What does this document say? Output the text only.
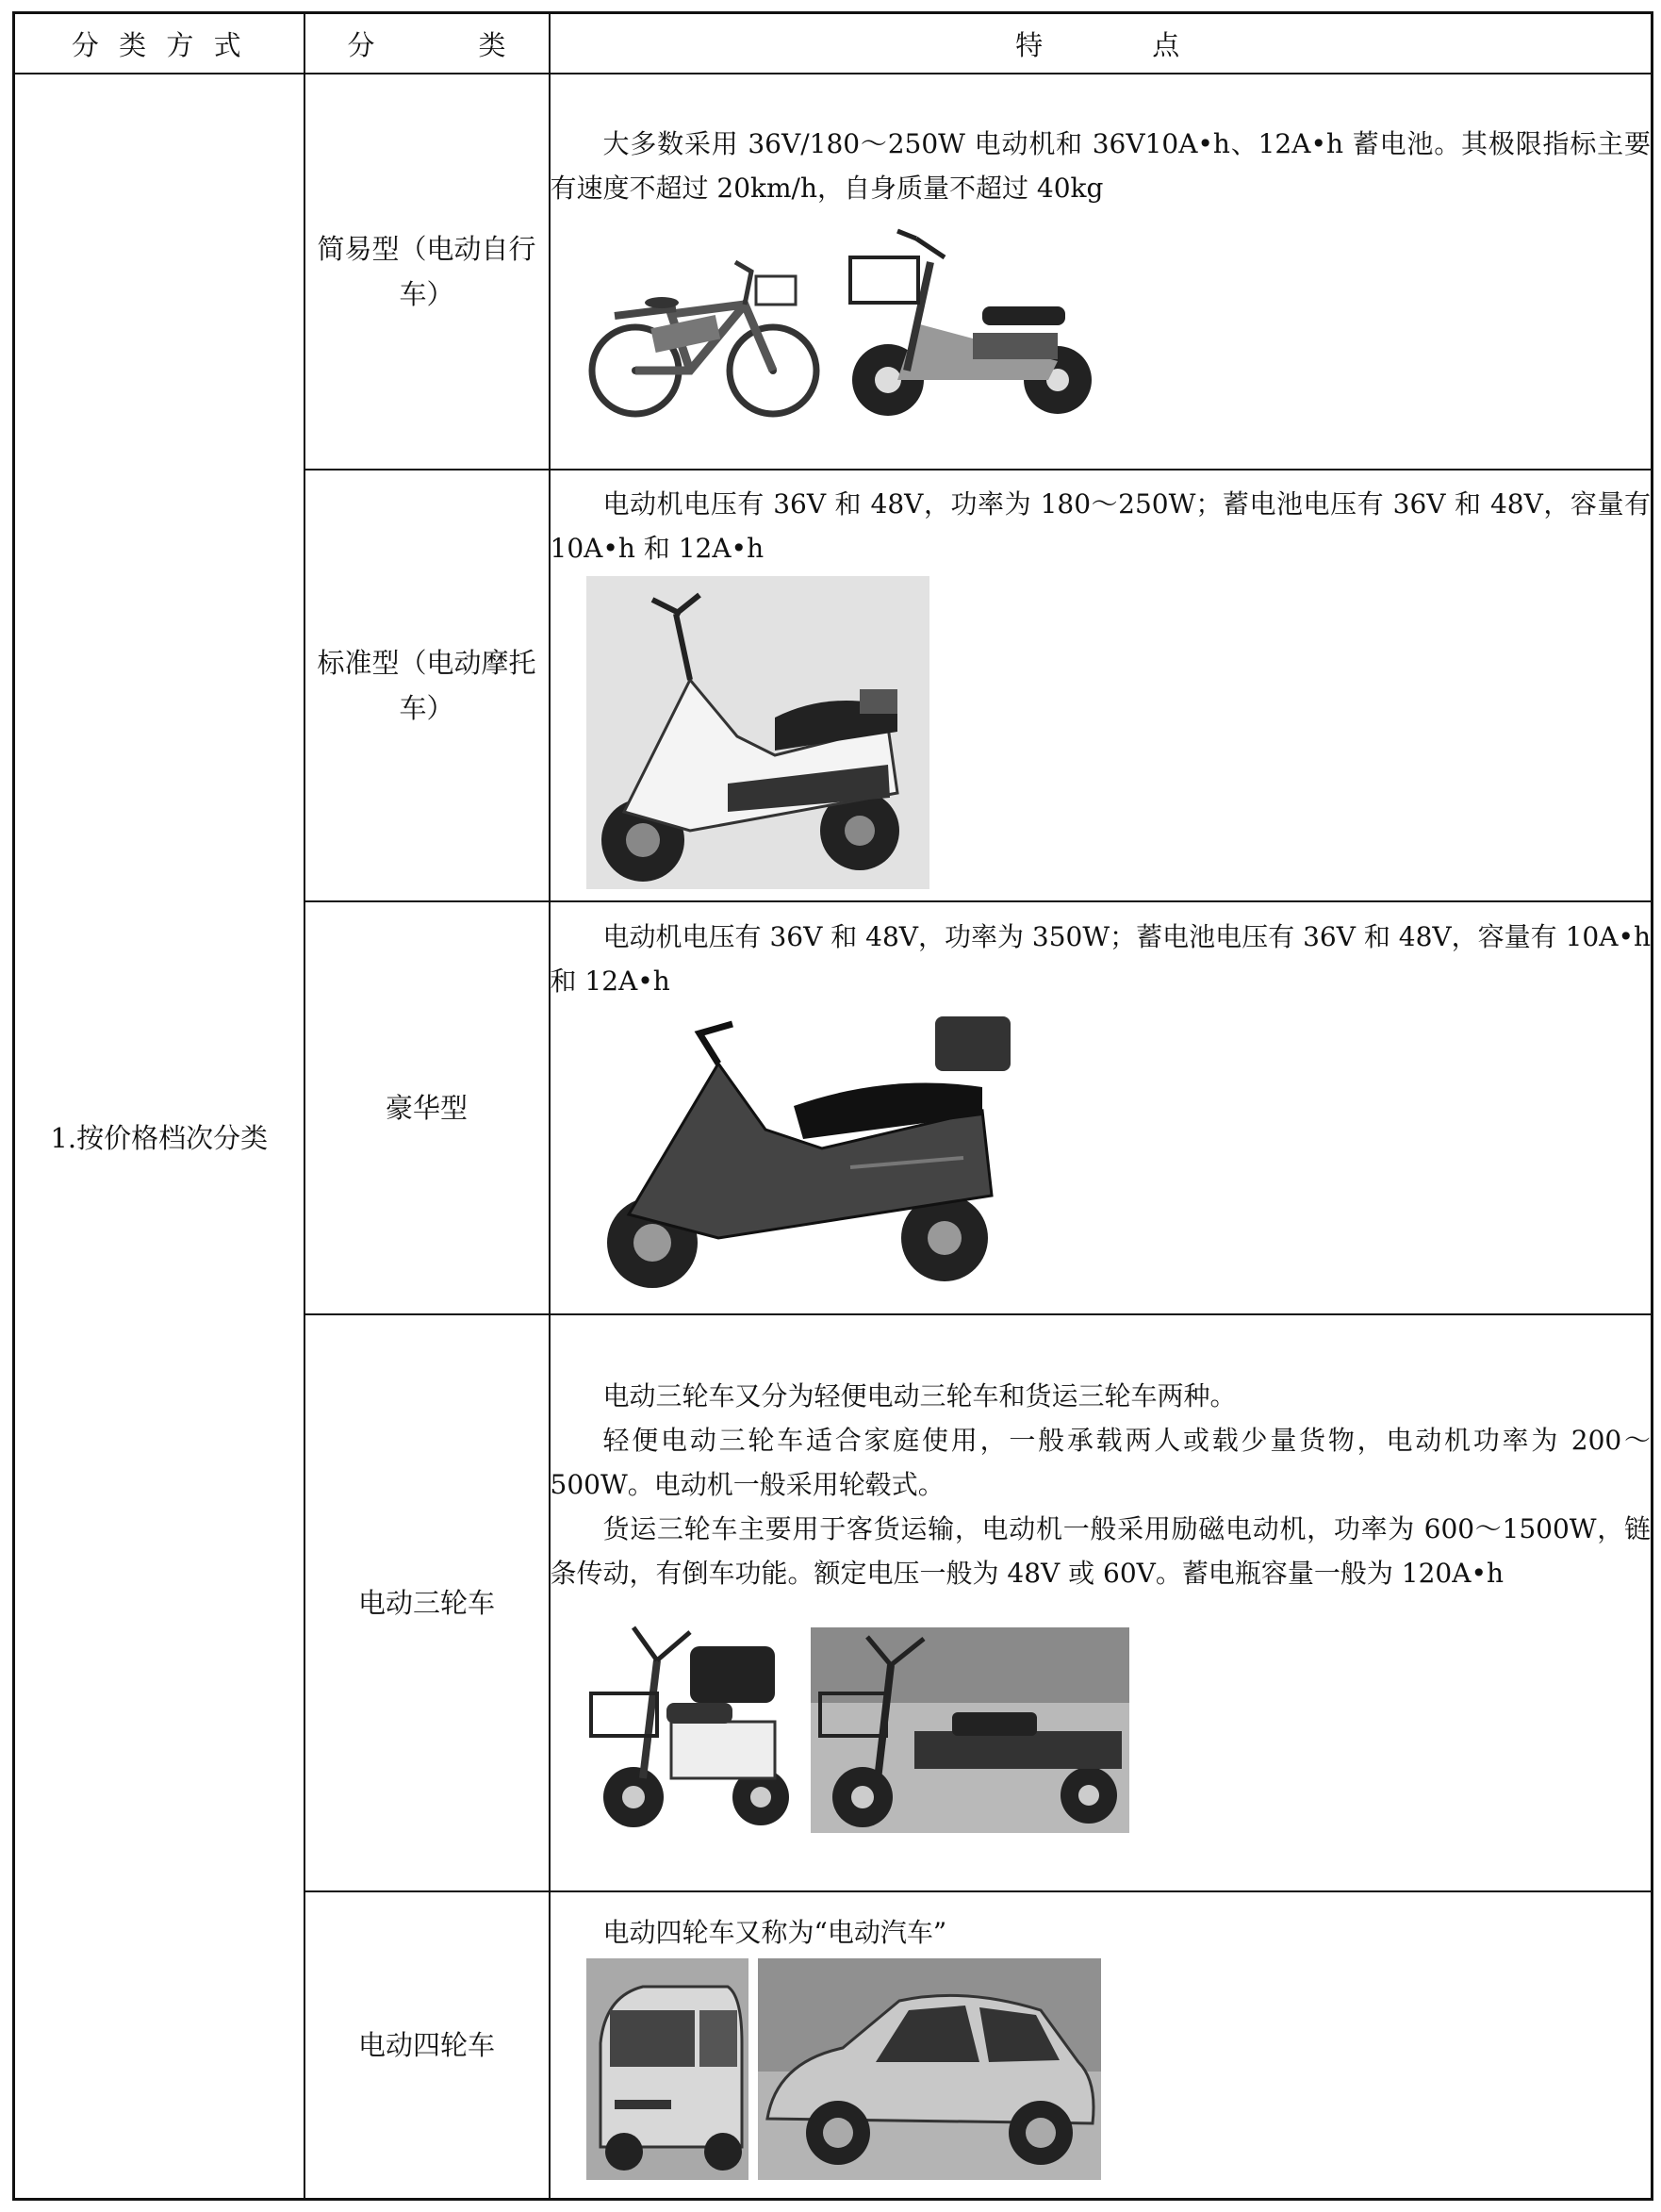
分 类 方 式	分 类	特 点
1.按价格档次分类	简易型（电动自行车）	大多数采用 36V/180～250W 电动机和 36V10A•h、12A•h 蓄电池。其极限指标主要有速度不超过 20km/h，自身质量不超过 40kg

	标准型（电动摩托车）	电动机电压有 36V 和 48V，功率为 180～250W；蓄电池电压有 36V 和 48V，容量有 10A•h 和 12A•h

	豪华型	电动机电压有 36V 和 48V，功率为 350W；蓄电池电压有 36V 和 48V，容量有 10A•h 和 12A•h

	电动三轮车	电动三轮车又分为轻便电动三轮车和货运三轮车两种。

轻便电动三轮车适合家庭使用，一般承载两人或载少量货物，电动机功率为 200～500W。电动机一般采用轮毂式。

货运三轮车主要用于客货运输，电动机一般采用励磁电动机，功率为 600～1500W，链条传动，有倒车功能。额定电压一般为 48V 或 60V。蓄电瓶容量一般为 120A•h

	电动四轮车	电动四轮车又称为“电动汽车”
